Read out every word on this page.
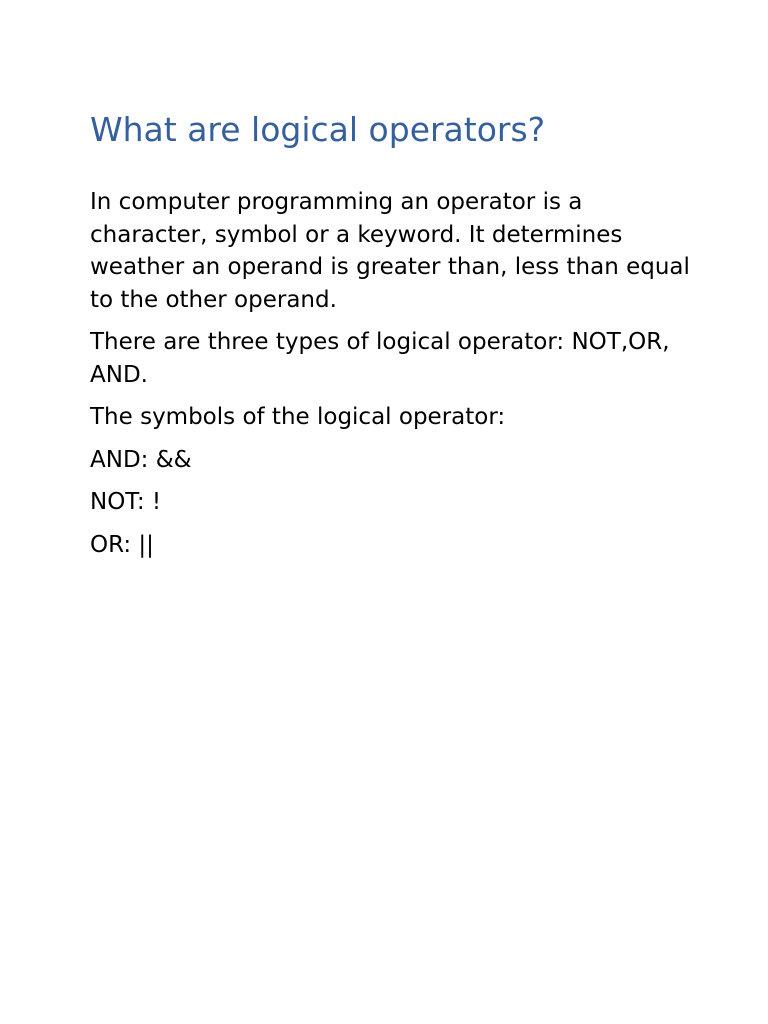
What are logical operators?

In computer programming an operator is a character, symbol or a keyword. It determines weather an operand is greater than, less than equal to the other operand.

There are three types of logical operator: NOT,OR, AND.

The symbols of the logical operator:

AND: &&

NOT: !

OR: ||
